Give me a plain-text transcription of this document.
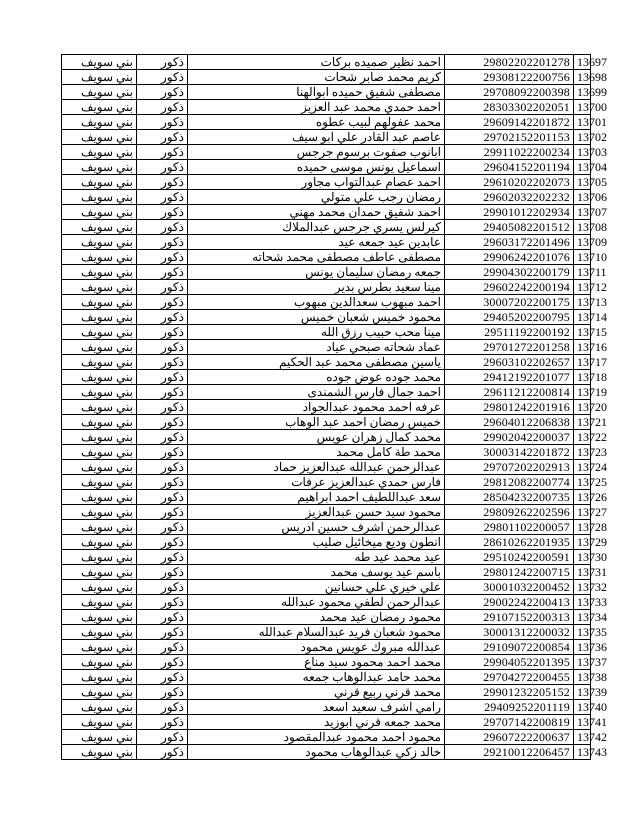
بني سويف	ذكور	احمد نظير صميده بركات	29802202201278	13697
بني سويف	ذكور	كريم محمد صابر شحات	29308122200756	13698
بني سويف	ذكور	مصطفى شفيق حميده ابوالهنا	29708092200398	13699
بني سويف	ذكور	احمد حمدي محمد عبد العزيز	28303302202051	13700
بني سويف	ذكور	محمد عفولهم لبيب عطوه	29609142201872	13701
بني سويف	ذكور	عاصم عبد القادر علي ابو سيف	29702152201153	13702
بني سويف	ذكور	ابانوب صفوت برسوم جرجس	29911022200234	13703
بني سويف	ذكور	اسماعيل يونس موسى حميده	29604152201194	13704
بني سويف	ذكور	احمد عصام عبدالتواب مجاور	29610202202073	13705
بني سويف	ذكور	رمضان رجب علي متولي	29602032202232	13706
بني سويف	ذكور	احمد شفيق حمدان محمد مهني	29901012202934	13707
بني سويف	ذكور	كيرلس يسري جرجس عبدالملاك	29405082201512	13708
بني سويف	ذكور	عابدين عيد جمعه عيد	29603172201496	13709
بني سويف	ذكور	مصطفى عاطف مصطفى محمد شحاته	29906242201076	13710
بني سويف	ذكور	جمعه رمضان سليمان يونس	29904302200179	13711
بني سويف	ذكور	مينا سعيد بطرس بدير	29602242200194	13712
بني سويف	ذكور	احمد مبهوب سعدالدين مبهوب	30007202200175	13713
بني سويف	ذكور	محمود خميس شعبان خميس	29405202200795	13714
بني سويف	ذكور	مينا محب حبيب رزق الله	29511192200192	13715
بني سويف	ذكور	عماد شحاته صبحي عياد	29701272201258	13716
بني سويف	ذكور	ياسين مصطفى محمد عبد الحكيم	29603102202657	13717
بني سويف	ذكور	محمد جوده عوض جوده	29412192201077	13718
بني سويف	ذكور	احمد جمال فارس الشمندى	29611212200814	13719
بني سويف	ذكور	عرفه احمد محمود عبدالجواد	29801242201916	13720
بني سويف	ذكور	خميس رمضان احمد عبد الوهاب	29604012206838	13721
بني سويف	ذكور	محمد كمال زهران عويس	29902042200037	13722
بني سويف	ذكور	محمد طة كامل محمد	30003142201872	13723
بني سويف	ذكور	عبدالرحمن عبدالله عبدالعزيز حماد	29707202202913	13724
بني سويف	ذكور	فارس حمدي عبدالعزيز عرفات	29812082200774	13725
بني سويف	ذكور	سعد عبداللطيف احمد ابراهيم	28504232200735	13726
بني سويف	ذكور	محمود سيد حسن عبدالعزيز	29809262202596	13727
بني سويف	ذكور	عبدالرحمن اشرف حسين ادريس	29801102200057	13728
بني سويف	ذكور	انطون وديع ميخائيل صليب	28610262201935	13729
بني سويف	ذكور	عيد محمد عيد طه	29510242200591	13730
بني سويف	ذكور	باسم عيد يوسف محمد	29801242200715	13731
بني سويف	ذكور	علي خيري علي حسانين	30001032200452	13732
بني سويف	ذكور	عبدالرحمن لطفي محمود عبدالله	29002242200413	13733
بني سويف	ذكور	محمود رمضان عيد محمد	29107152200313	13734
بني سويف	ذكور	محمود شعبان فريد عبدالسلام عبدالله	30001312200032	13735
بني سويف	ذكور	عبدالله مبروك عويس محمود	29109072200854	13736
بني سويف	ذكور	محمد احمد محمود سيد مناع	29904052201395	13737
بني سويف	ذكور	محمد حامد عبدالوهاب جمعه	29704272200455	13738
بني سويف	ذكور	محمد قرني ربيع قرني	29901232205152	13739
بني سويف	ذكور	رامي اشرف سعيد اسعد	29409252201119	13740
بني سويف	ذكور	محمد جمعه قرني ابوزيد	29707142200819	13741
بني سويف	ذكور	محمود احمد محمود عبدالمقصود	29607222200637	13742
بني سويف	ذكور	خالد زكي عبدالوهاب محمود	29210012206457	13743
